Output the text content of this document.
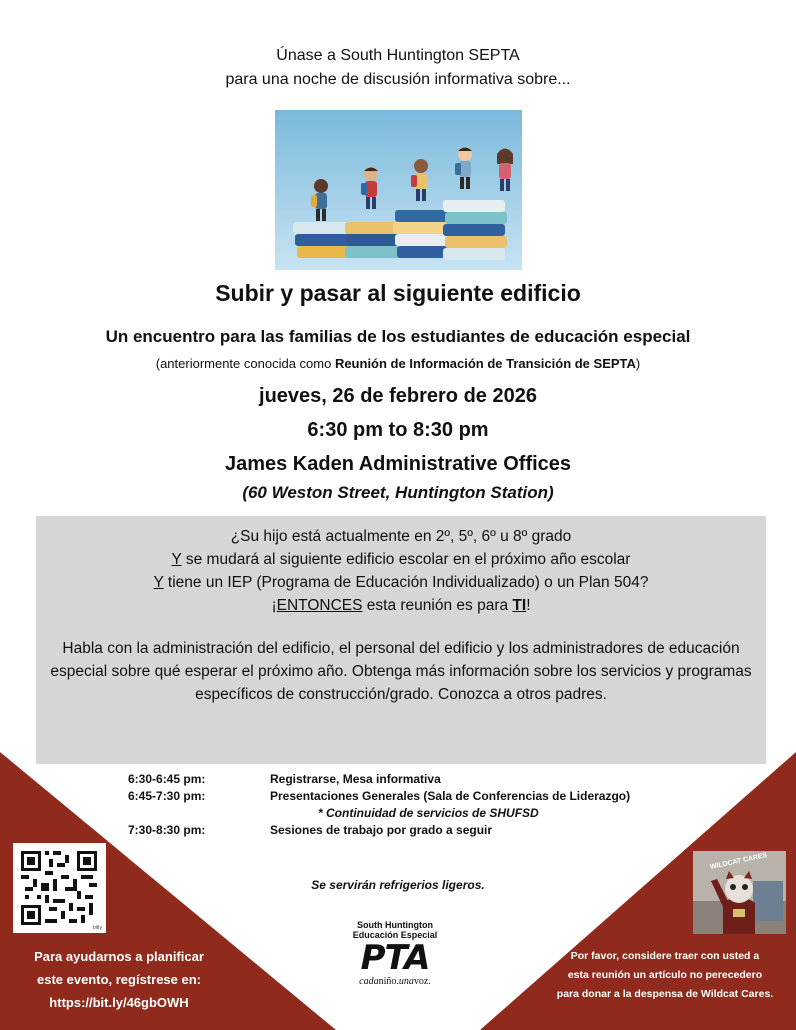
Únase a South Huntington SEPTA
para una noche de discusión informativa sobre...
Subir y pasar al siguiente edificio
Un encuentro para las familias de los estudiantes de educación especial
(anteriormente conocida como Reunión de Información de Transición de SEPTA)
jueves, 26 de febrero de 2026
6:30 pm to 8:30 pm
James Kaden Administrative Offices
(60 Weston Street, Huntington Station)
¿Su hijo está actualmente en 2º, 5º, 6º u 8º grado
Y se mudará al siguiente edificio escolar en el próximo año escolar
Y tiene un IEP (Programa de Educación Individualizado) o un Plan 504?
¡ENTONCES esta reunión es para TI!
Habla con la administración del edificio, el personal del edificio y los administradores de educación especial sobre qué esperar el próximo año. Obtenga más información sobre los servicios y programas específicos de construcción/grado. Conozca a otros padres.
6:30-6:45 pm:	Registrarse, Mesa informativa
6:45-7:30 pm:	Presentaciones Generales (Sala de Conferencias de Liderazgo)
* Continuidad de servicios de SHUFSD
7:30-8:30 pm:	Sesiones de trabajo por grado a seguir
Se servirán refrigerios ligeros.
bitly
Para ayudarnos a planificar
este evento, regístrese en:
https://bit.ly/46gbOWH
South Huntington
Educación Especial
PTA
cadaniño.unavoz.
WILDCAT CARES
Por favor, considere traer con usted a
esta reunión un artículo no perecedero
para donar a la despensa de Wildcat Cares.
